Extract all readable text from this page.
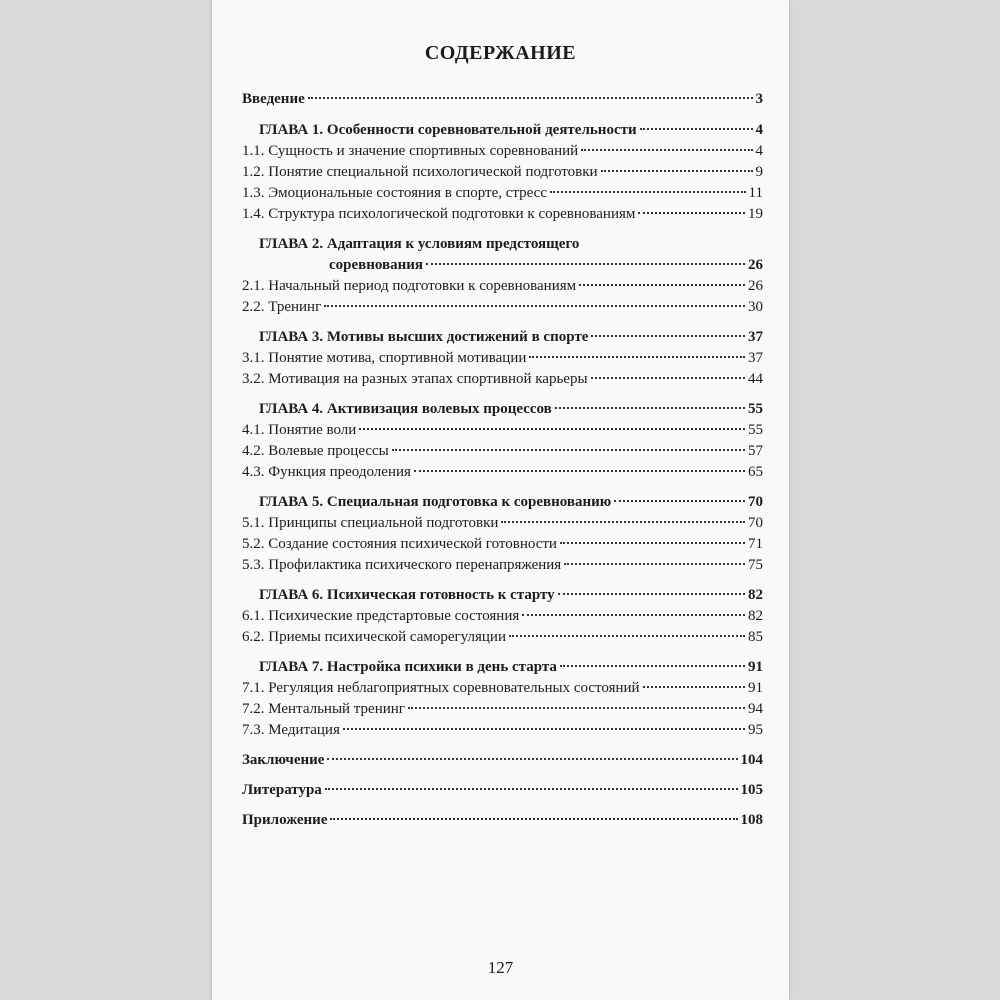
СОДЕРЖАНИЕ
Введение	3
ГЛАВА 1. Особенности соревновательной деятельности	4
1.1. Сущность и значение спортивных соревнований	4
1.2. Понятие специальной психологической подготовки	9
1.3. Эмоциональные состояния в спорте, стресс	11
1.4. Структура психологической подготовки к соревнованиям	19
ГЛАВА 2. Адаптация к условиям предстоящего
соревнования	26
2.1. Начальный период подготовки к соревнованиям	26
2.2. Тренинг	30
ГЛАВА 3. Мотивы высших достижений в спорте	37
3.1. Понятие мотива, спортивной мотивации	37
3.2. Мотивация на разных этапах спортивной карьеры	44
ГЛАВА 4. Активизация волевых процессов	55
4.1. Понятие воли	55
4.2. Волевые процессы	57
4.3. Функция преодоления	65
ГЛАВА 5. Специальная подготовка к соревнованию	70
5.1. Принципы специальной подготовки	70
5.2. Создание состояния психической готовности	71
5.3. Профилактика психического перенапряжения	75
ГЛАВА 6. Психическая готовность к старту	82
6.1. Психические предстартовые состояния	82
6.2. Приемы психической саморегуляции	85
ГЛАВА 7. Настройка психики в день старта	91
7.1. Регуляция неблагоприятных соревновательных состояний	91
7.2. Ментальный тренинг	94
7.3. Медитация	95
Заключение	104
Литература	105
Приложение	108
127
